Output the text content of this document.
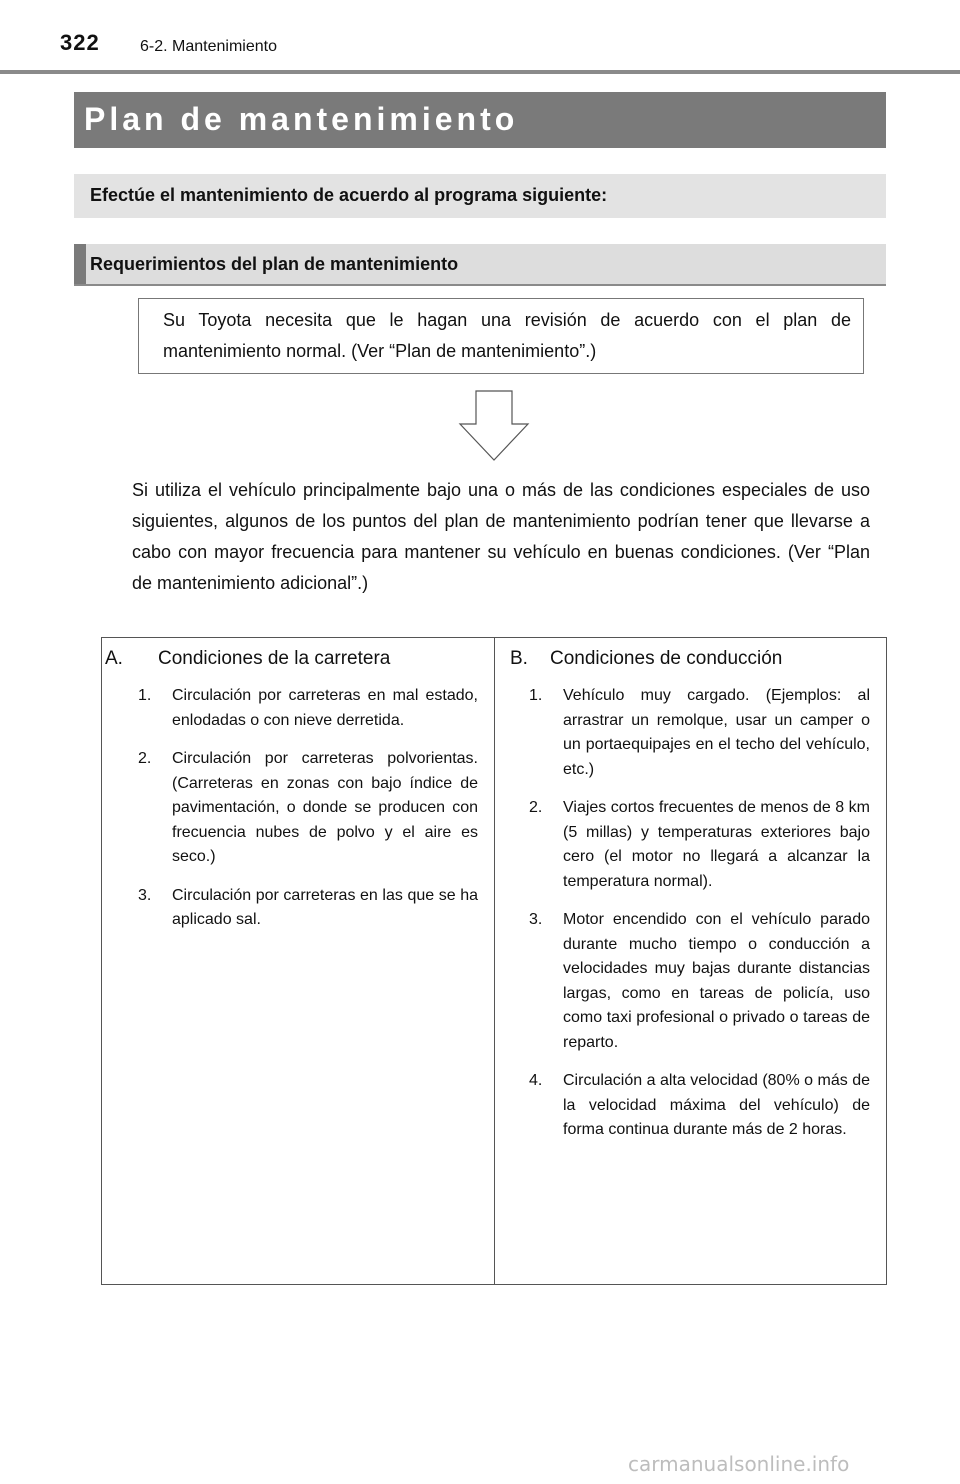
322	6-2. Mantenimiento
Plan de mantenimiento
Efectúe el mantenimiento de acuerdo al programa siguiente:
Requerimientos del plan de mantenimiento

Su Toyota necesita que le hagan una revisión de acuerdo con el plan de mantenimiento normal. (Ver “Plan de mantenimiento”.)

Si utiliza el vehículo principalmente bajo una o más de las condiciones especiales de uso siguientes, algunos de los puntos del plan de mantenimiento podrían tener que llevarse a cabo con mayor frecuencia para mantener su vehículo en buenas condiciones. (Ver “Plan de mantenimiento adicional”.)

A.	Condiciones de la carretera
1.	Circulación por carreteras en mal estado, enlodadas o con nieve derretida.
2.	Circulación por carreteras polvorientas. (Carreteras en zonas con bajo índice de pavimentación, o donde se producen con frecuencia nubes de polvo y el aire es seco.)
3.	Circulación por carreteras en las que se ha aplicado sal.
B.	Condiciones de conducción
1.	Vehículo muy cargado. (Ejemplos: al arrastrar un remolque, usar un camper o un portaequipajes en el techo del vehículo, etc.)
2.	Viajes cortos frecuentes de menos de 8 km (5 millas) y temperaturas exteriores bajo cero (el motor no llegará a alcanzar la temperatura normal).
3.	Motor encendido con el vehículo parado durante mucho tiempo o conducción a velocidades muy bajas durante distancias largas, como en tareas de policía, uso como taxi profesional o privado o tareas de reparto.
4.	Circulación a alta velocidad (80% o más de la velocidad máxima del vehículo) de forma continua durante más de 2 horas.
carmanualsonline.info
